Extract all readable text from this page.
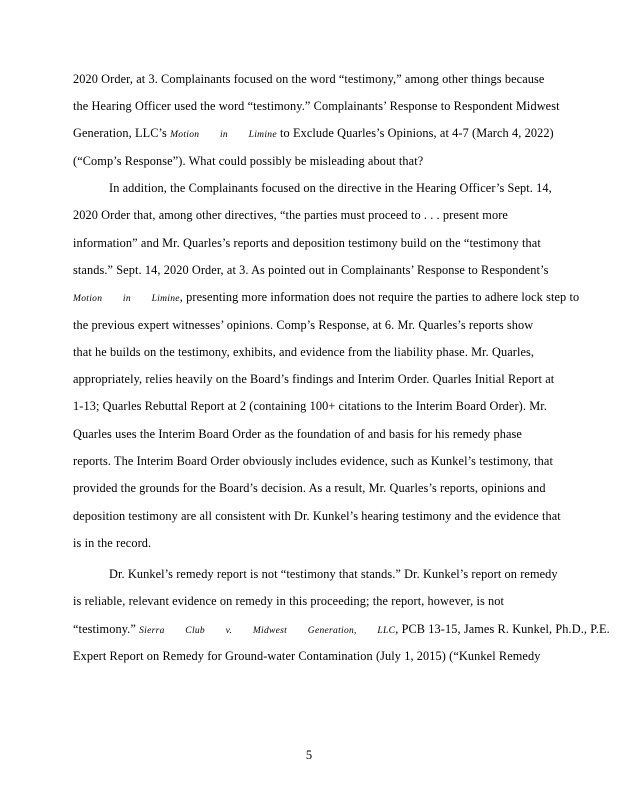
2020 Order, at 3. Complainants focused on the word “testimony,” among other things because
the Hearing Officer used the word “testimony.” Complainants’ Response to Respondent Midwest
Generation, LLC’s Motion in Limine to Exclude Quarles’s Opinions, at 4-7 (March 4, 2022)
(“Comp’s Response”). What could possibly be misleading about that?
In addition, the Complainants focused on the directive in the Hearing Officer’s Sept. 14,
2020 Order that, among other directives, “the parties must proceed to . . . present more
information” and Mr. Quarles’s reports and deposition testimony build on the “testimony that
stands.” Sept. 14, 2020 Order, at 3. As pointed out in Complainants’ Response to Respondent’s
Motion in Limine, presenting more information does not require the parties to adhere lock step to
the previous expert witnesses’ opinions. Comp’s Response, at 6. Mr. Quarles’s reports show
that he builds on the testimony, exhibits, and evidence from the liability phase. Mr. Quarles,
appropriately, relies heavily on the Board’s findings and Interim Order. Quarles Initial Report at
1-13; Quarles Rebuttal Report at 2 (containing 100+ citations to the Interim Board Order). Mr.
Quarles uses the Interim Board Order as the foundation of and basis for his remedy phase
reports. The Interim Board Order obviously includes evidence, such as Kunkel’s testimony, that
provided the grounds for the Board’s decision. As a result, Mr. Quarles’s reports, opinions and
deposition testimony are all consistent with Dr. Kunkel’s hearing testimony and the evidence that
is in the record.
Dr. Kunkel’s remedy report is not “testimony that stands.” Dr. Kunkel’s report on remedy
is reliable, relevant evidence on remedy in this proceeding; the report, however, is not
“testimony.” Sierra Club v. Midwest Generation, LLC, PCB 13-15, James R. Kunkel, Ph.D., P.E.
Expert Report on Remedy for Ground-water Contamination (July 1, 2015) (“Kunkel Remedy
5
